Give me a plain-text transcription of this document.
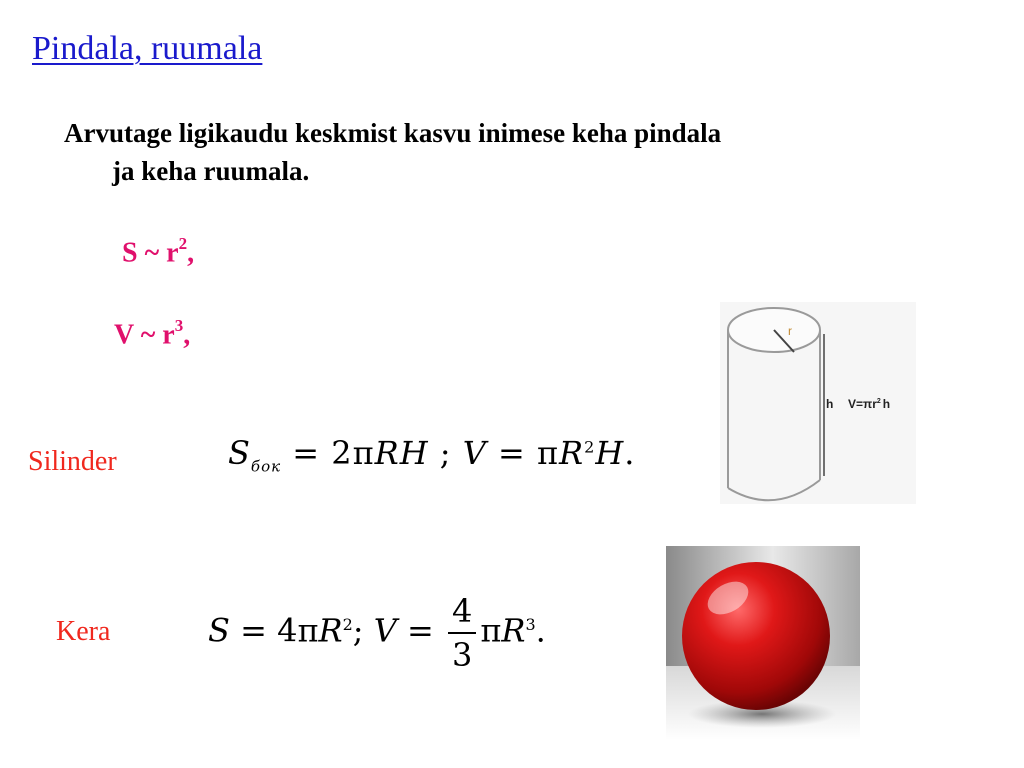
Pindala, ruumala
Arvutage ligikaudu keskmist kasvu inimese keha pindala
ja keha ruumala.
S ~ $r^2$,
V ~ $r^3$,
Silinder	$S_{бок} = 2\pi RH$ ; $V = \pi R^2H$.
r
h $V=\pi r^2$ h
Kera	$S = 4\pi R^2$; $V = \frac{4}{3} \pi R^3$.
